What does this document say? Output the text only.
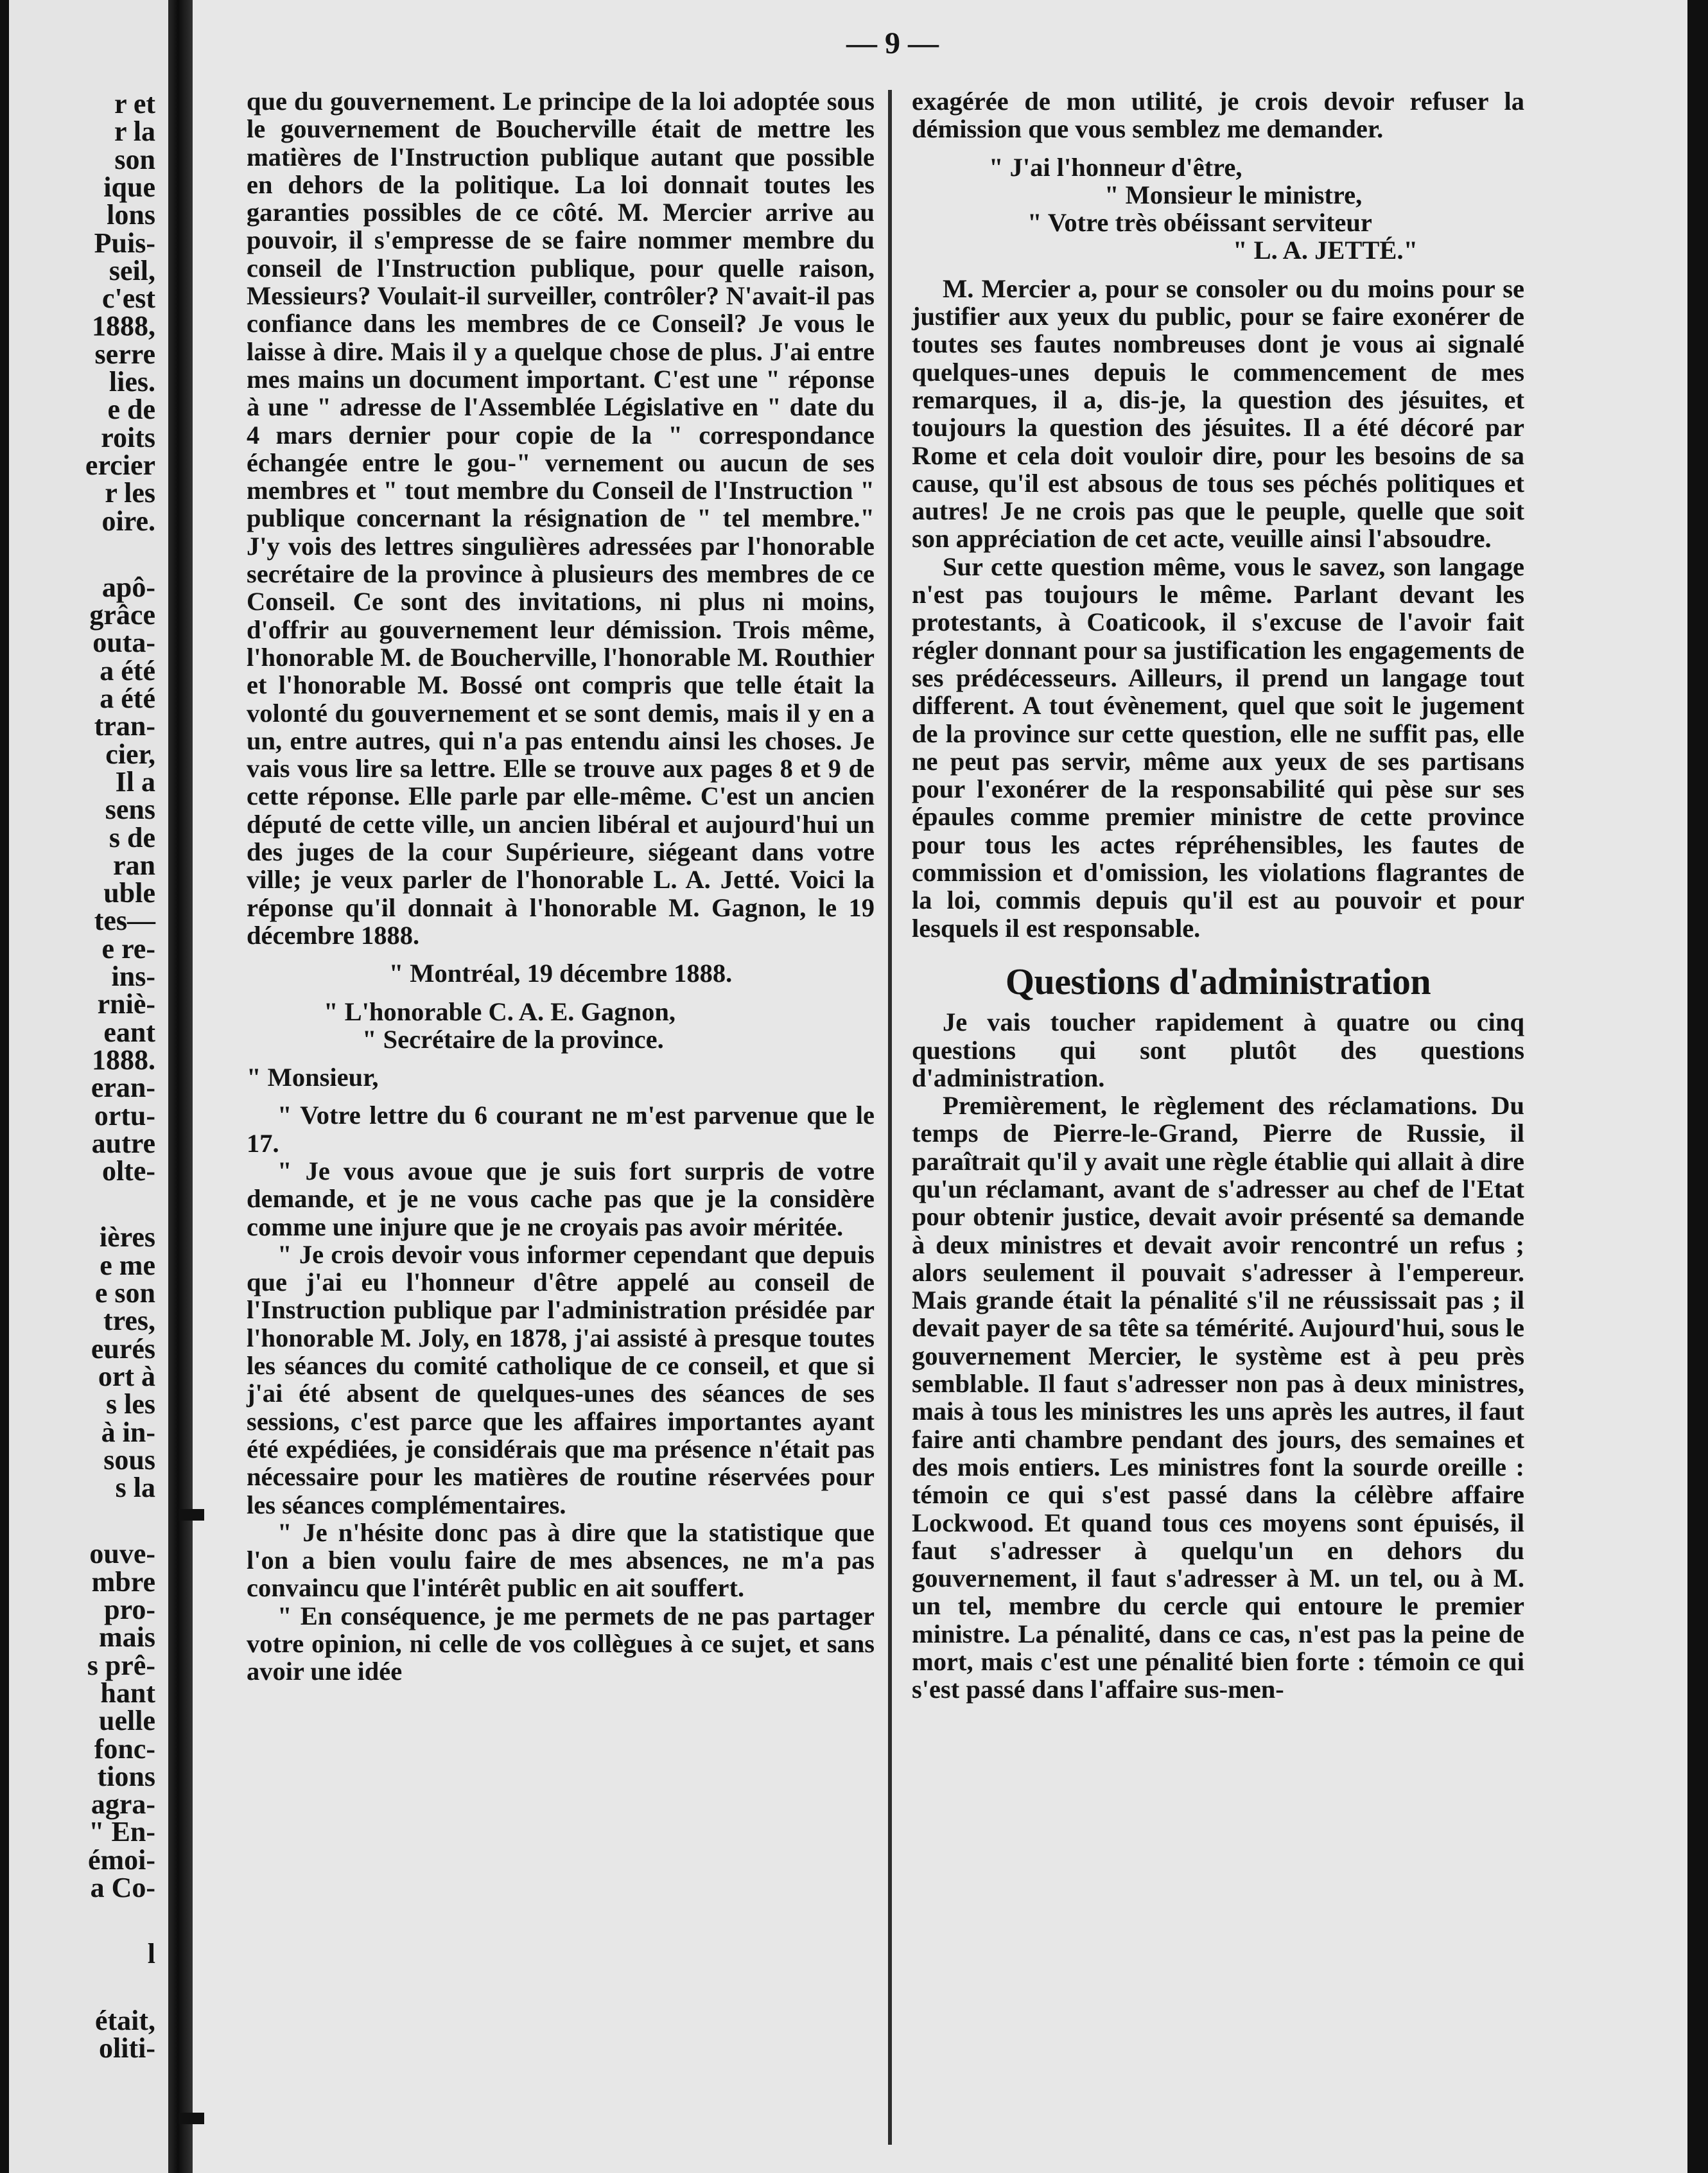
r et
r la
son
ique
lons
Puis-
seil,
c'est
1888,
serre
lies.
e de
roits
ercier
r les
oire.
apô-
grâce
outa-
a été
a été
tran-
cier,
Il a
sens
s de
ran
uble
tes—
e re-
ins-
rniè-
eant
1888.
eran-
ortu-
autre
olte-
ières
e me
e son
tres,
eurés
ort à
s les
à in-
sous
s la
ouve-
mbre
pro-
mais
s prê-
hant
uelle
fonc-
tions
agra-
" En-
émoi-
a Co-
l
était,
oliti-
— 9 —

que du gouvernement. Le principe de la loi adoptée sous le gouvernement de Boucherville était de mettre les matières de l'Instruction publique autant que possible en dehors de la politique. La loi donnait toutes les garanties possibles de ce côté. M. Mercier arrive au pouvoir, il s'empresse de se faire nommer membre du conseil de l'Instruction publique, pour quelle raison, Messieurs? Voulait-il surveiller, contrôler? N'avait-il pas confiance dans les membres de ce Conseil? Je vous le laisse à dire. Mais il y a quelque chose de plus. J'ai entre mes mains un document important. C'est une " réponse à une " adresse de l'Assemblée Législative en " date du 4 mars dernier pour copie de la " correspondance échangée entre le gou-" vernement ou aucun de ses membres et " tout membre du Conseil de l'Instruction " publique concernant la résignation de " tel membre." J'y vois des lettres singulières adressées par l'honorable secrétaire de la province à plusieurs des membres de ce Conseil. Ce sont des invitations, ni plus ni moins, d'offrir au gouvernement leur démission. Trois même, l'honorable M. de Boucherville, l'honorable M. Routhier et l'honorable M. Bossé ont compris que telle était la volonté du gouvernement et se sont demis, mais il y en a un, entre autres, qui n'a pas entendu ainsi les choses. Je vais vous lire sa lettre. Elle se trouve aux pages 8 et 9 de cette réponse. Elle parle par elle-même. C'est un ancien député de cette ville, un ancien libéral et aujourd'hui un des juges de la cour Supérieure, siégeant dans votre ville; je veux parler de l'honorable L. A. Jetté. Voici la réponse qu'il donnait à l'honorable M. Gagnon, le 19 décembre 1888.

" Montréal, 19 décembre 1888.

" L'honorable C. A. E. Gagnon,

" Secrétaire de la province.

" Monsieur,

" Votre lettre du 6 courant ne m'est parvenue que le 17.

" Je vous avoue que je suis fort surpris de votre demande, et je ne vous cache pas que je la considère comme une injure que je ne croyais pas avoir méritée.

" Je crois devoir vous informer cependant que depuis que j'ai eu l'honneur d'être appelé au conseil de l'Instruction publique par l'administration présidée par l'honorable M. Joly, en 1878, j'ai assisté à presque toutes les séances du comité catholique de ce conseil, et que si j'ai été absent de quelques-unes des séances de ses sessions, c'est parce que les affaires importantes ayant été expédiées, je considérais que ma présence n'était pas nécessaire pour les matières de routine réservées pour les séances complémentaires.

" Je n'hésite donc pas à dire que la statistique que l'on a bien voulu faire de mes absences, ne m'a pas convaincu que l'intérêt public en ait souffert.

" En conséquence, je me permets de ne pas partager votre opinion, ni celle de vos collègues à ce sujet, et sans avoir une idée

exagérée de mon utilité, je crois devoir refuser la démission que vous semblez me demander.

" J'ai l'honneur d'être,

" Monsieur le ministre,

" Votre très obéissant serviteur

" L. A. JETTÉ."

M. Mercier a, pour se consoler ou du moins pour se justifier aux yeux du public, pour se faire exonérer de toutes ses fautes nombreuses dont je vous ai signalé quelques-unes depuis le commencement de mes remarques, il a, dis-je, la question des jésuites, et toujours la question des jésuites. Il a été décoré par Rome et cela doit vouloir dire, pour les besoins de sa cause, qu'il est absous de tous ses péchés politiques et autres! Je ne crois pas que le peuple, quelle que soit son appréciation de cet acte, veuille ainsi l'absoudre.

Sur cette question même, vous le savez, son langage n'est pas toujours le même. Parlant devant les protestants, à Coaticook, il s'excuse de l'avoir fait régler donnant pour sa justification les engagements de ses prédécesseurs. Ailleurs, il prend un langage tout different. A tout évènement, quel que soit le jugement de la province sur cette question, elle ne suffit pas, elle ne peut pas servir, même aux yeux de ses partisans pour l'exonérer de la responsabilité qui pèse sur ses épaules comme premier ministre de cette province pour tous les actes répréhensibles, les fautes de commission et d'omission, les violations flagrantes de la loi, commis depuis qu'il est au pouvoir et pour lesquels il est responsable.

Questions d'administration

Je vais toucher rapidement à quatre ou cinq questions qui sont plutôt des questions d'administration.

Premièrement, le règlement des réclamations. Du temps de Pierre-le-Grand, Pierre de Russie, il paraîtrait qu'il y avait une règle établie qui allait à dire qu'un réclamant, avant de s'adresser au chef de l'Etat pour obtenir justice, devait avoir présenté sa demande à deux ministres et devait avoir rencontré un refus ; alors seulement il pouvait s'adresser à l'empereur. Mais grande était la pénalité s'il ne réussissait pas ; il devait payer de sa tête sa témérité. Aujourd'hui, sous le gouvernement Mercier, le système est à peu près semblable. Il faut s'adresser non pas à deux ministres, mais à tous les ministres les uns après les autres, il faut faire anti chambre pendant des jours, des semaines et des mois entiers. Les ministres font la sourde oreille : témoin ce qui s'est passé dans la célèbre affaire Lockwood. Et quand tous ces moyens sont épuisés, il faut s'adresser à quelqu'un en dehors du gouvernement, il faut s'adresser à M. un tel, ou à M. un tel, membre du cercle qui entoure le premier ministre. La pénalité, dans ce cas, n'est pas la peine de mort, mais c'est une pénalité bien forte : témoin ce qui s'est passé dans l'affaire sus-men-
